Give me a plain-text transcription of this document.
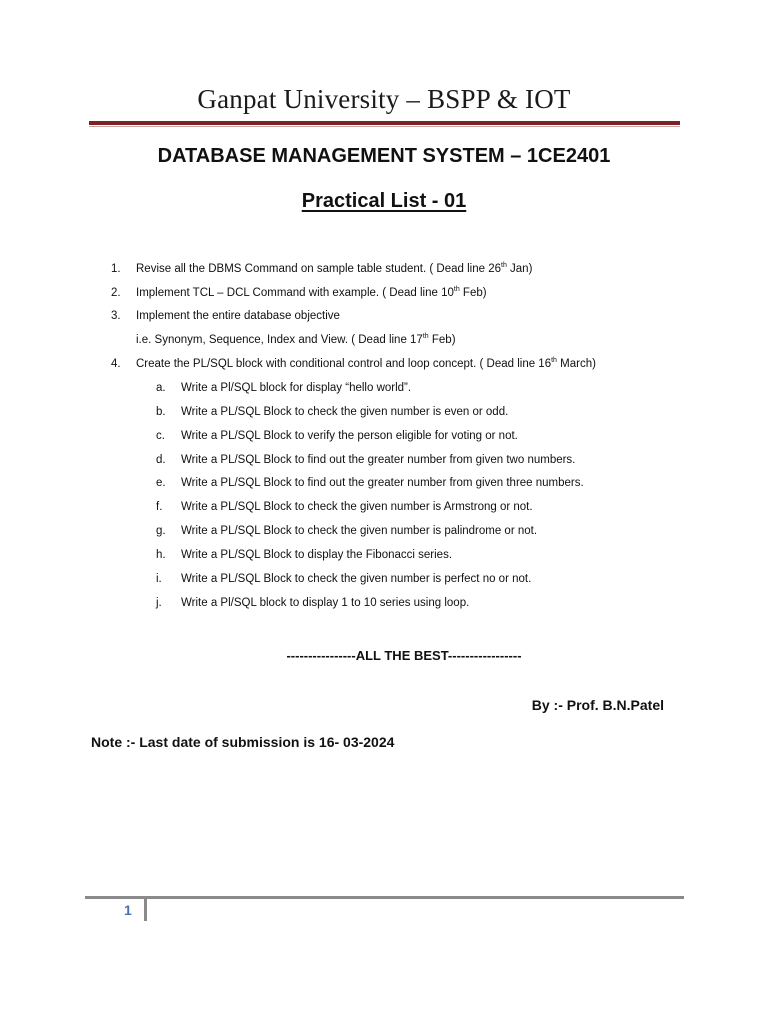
Ganpat University – BSPP & IOT
DATABASE MANAGEMENT SYSTEM – 1CE2401
Practical List - 01
1.	Revise all the DBMS Command on sample table student. ( Dead line 26th Jan)
2.	Implement TCL – DCL Command with example. ( Dead line 10th Feb)
3.	Implement the entire database objective
i.e. Synonym, Sequence, Index and View. ( Dead line 17th Feb)
4.	Create the PL/SQL block with conditional control and loop concept. ( Dead line 16th March)
a.	Write a Pl/SQL block for display “hello world”.
b.	Write a PL/SQL Block to check the given number is even or odd.
c.	Write a PL/SQL Block to verify the person eligible for voting or not.
d.	Write a PL/SQL Block to find out the greater number from given two numbers.
e.	Write a PL/SQL Block to find out the greater number from given three numbers.
f.	Write a PL/SQL Block to check the given number is Armstrong or not.
g.	Write a PL/SQL Block to check the given number is palindrome or not.
h.	Write a PL/SQL Block to display the Fibonacci series.
i.	Write a PL/SQL Block to check the given number is perfect no or not.
j.	Write a Pl/SQL block to display 1 to 10 series using loop.
----------------ALL THE BEST-----------------
By :- Prof. B.N.Patel
Note :- Last date of submission is 16- 03-2024
1
